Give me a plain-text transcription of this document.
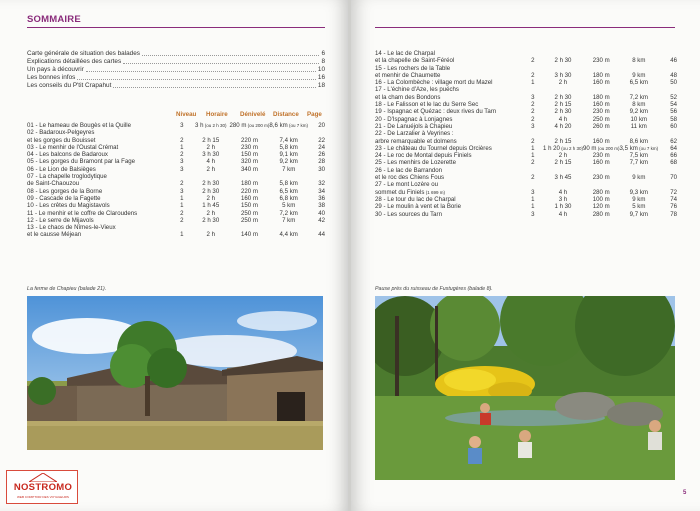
SOMMAIRE
Carte générale de situation des balades	6
Explications détaillées des cartes	8
Un pays à découvrir	10
Les bonnes infos	16
Les conseils du P'tit Crapahut	18
Niveau Horaire Dénivelé Distance Page
01 - Le hameau de Bougès et la Quille	3	3 h (ou 2 h 30)	280 m (ou 200 m)	8,6 km (ou 7 km)	20
02 - Badaroux-Pelgeyres					
et les gorges du Bouisset	2	2 h 15	220 m	7,4 km	22
03 - Le menhir de l'Oustal Crémat	1	2 h	230 m	5,8 km	24
04 - Les balcons de Badaroux	2	3 h 30	150 m	9,1 km	26
05 - Les gorges du Bramont par la Fage	3	4 h	320 m	9,2 km	28
06 - Le Lion de Balsièges	3	2 h	340 m	7 km	30
07 - La chapelle troglodytique					
de Saint-Chaouzou	2	2 h 30	180 m	5,8 km	32
08 - Les gorges de la Borne	3	2 h 30	220 m	6,5 km	34
09 - Cascade de la Fagette	1	2 h	160 m	6,8 km	36
10 - Les crêtes du Magistavols	1	1 h 45	150 m	5 km	38
11 - Le menhir et le coffre de Claroudens	2	2 h	250 m	7,2 km	40
12 - Le serre de Mijavols	2	2 h 30	250 m	7 km	42
13 - Le chaos de Nîmes-le-Vieux					
et le causse Méjean	1	2 h	140 m	4,4 km	44
La ferme de Chapieu (balade 21).
NOSTROMO
WEB COMPTOIR DES VOYAGEURS
14 - Le lac de Charpal					
et la chapelle de Saint-Féréol	2	2 h 30	230 m	8 km	46
15 - Les rochers de la Table					
et menhir de Chaumette	2	3 h 30	180 m	9 km	48
16 - La Colombèche : village mort du Mazel	1	2 h	160 m	6,5 km	50
17 - L'échine d'Aze, les puéchs					
et la cham des Bondons	3	2 h 30	180 m	7,2 km	52
18 - Le Falisson et le lac du Serre Sec	2	2 h 15	160 m	8 km	54
19 - Ispagnac et Quézac : deux rives du Tarn	2	2 h 30	230 m	9,2 km	56
20 - D'Ispagnac à Lonjagnes	2	4 h	250 m	10 km	58
21 - De Lanuéjols à Chapieu	3	4 h 20	260 m	11 km	60
22 - De Larzalier à Veyrines :					
arbre remarquable et dolmens	2	2 h 15	160 m	8,6 km	62
23 - Le château du Tournel depuis Orcières	1	1 h 20 (ou 2 h 30)	90 m (ou 200 m)	3,5 km (ou 7 km)	64
24 - Le roc de Montal depuis Finiels	1	2 h	230 m	7,5 km	66
25 - Les menhirs de Lozerette	2	2 h 15	160 m	7,7 km	68
26 - Le lac de Barrandon					
et le roc des Chiens Fous	2	3 h 45	230 m	9 km	70
27 - Le mont Lozère ou					
sommet du Finiels (1 699 m)	3	4 h	280 m	9,3 km	72
28 - Le tour du lac de Charpal	1	3 h	100 m	9 km	74
29 - Le moulin à vent et la Borie	1	1 h 30	120 m	5 km	76
30 - Les sources du Tarn	3	4 h	280 m	9,7 km	78
Pause près du ruisseau de Fustugères (balade 8).
5
